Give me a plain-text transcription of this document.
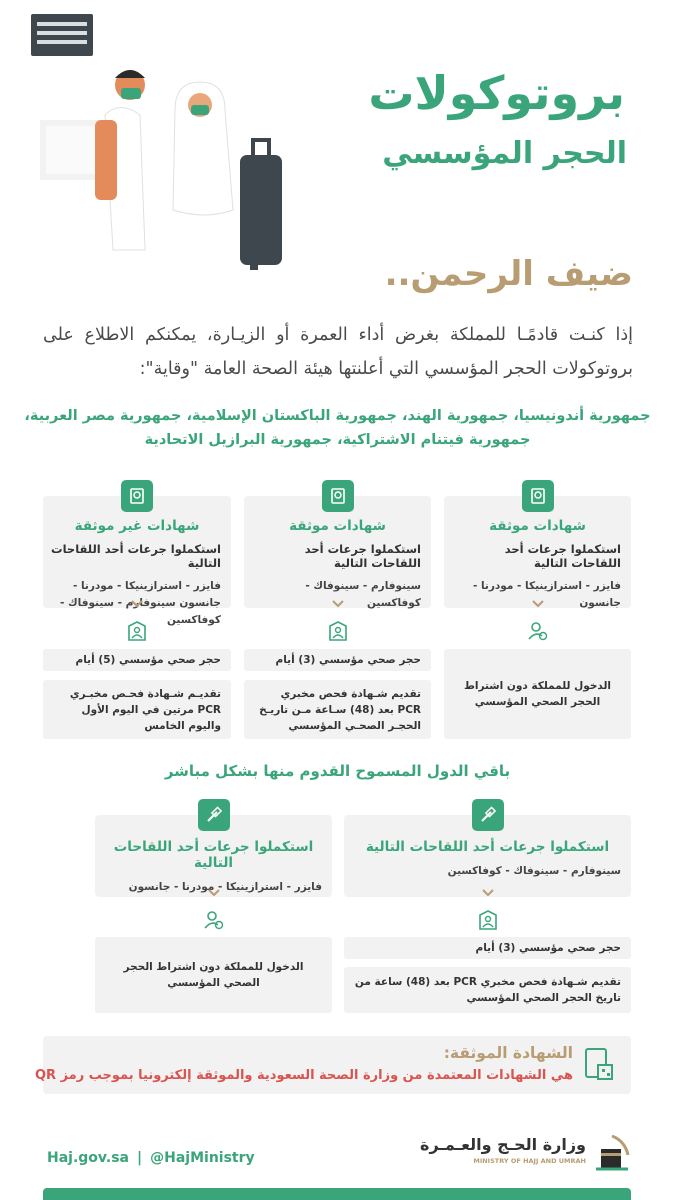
بروتوكولات
الحجر المؤسسي
ضيف الرحمن..
إذا كنـت قادمًـا للمملكة بغرض أداء العمرة أو الزيـارة، يمكنكم الاطلاع على بروتوكولات الحجر المؤسسي التي أعلنتها هيئة الصحة العامة "وقاية":
جمهورية أندونيسيا، جمهورية الهند، جمهورية الباكستان الإسلامية، جمهورية مصر العربية،
جمهورية فيتنام الاشتراكية، جمهورية البرازيل الاتحادية
شهادات موثقة
استكملوا جرعات أحد اللقاحات التالية
فايزر - استرازينيكا - مودرنا - جانسون
الدخول للمملكة دون اشتراط الحجر الصحي المؤسسي
شهادات موثقة
استكملوا جرعات أحد اللقاحات التالية
سينوفارم - سينوفاك - كوفاكسين
حجر صحي مؤسسي (3) أيام
تقديم شـهادة فحص مخبري PCR بعد (48) سـاعة مـن تاريـخ الحجـر الصحـي المؤسسي
شهادات غير موثقة
استكملوا جرعات أحد اللقاحات التالية
فايزر - استرازينيكا - مودرنا - جانسون سينوفارم - سينوفاك - كوفاكسين
حجر صحي مؤسسي (5) أيام
تقديـم شـهادة فحـص مخبـري PCR مرتين في اليوم الأول واليوم الخامس
باقي الدول المسموح القدوم منها بشكل مباشر
استكملوا جرعات أحد اللقاحات التالية
سينوفارم - سينوفاك - كوفاكسين
حجر صحي مؤسسي (3) أيام
تقديم شـهادة فحص مخبري PCR بعد (48) ساعة من تاريخ الحجر الصحي المؤسسي
استكملوا جرعات أحد اللقاحات التالية
فايزر - استرازينيكا - مودرنا - جانسون
الدخول للمملكة دون اشتراط الحجر الصحي المؤسسي
الشهادة الموثقة:
هي الشهادات المعتمدة من وزارة الصحة السعودية والموثقة إلكترونيا بموجب رمز QR
Haj.gov.sa | @HajMinistry
وزارة الحـج والعـمـرة
MINISTRY OF HAJJ AND UMRAH
